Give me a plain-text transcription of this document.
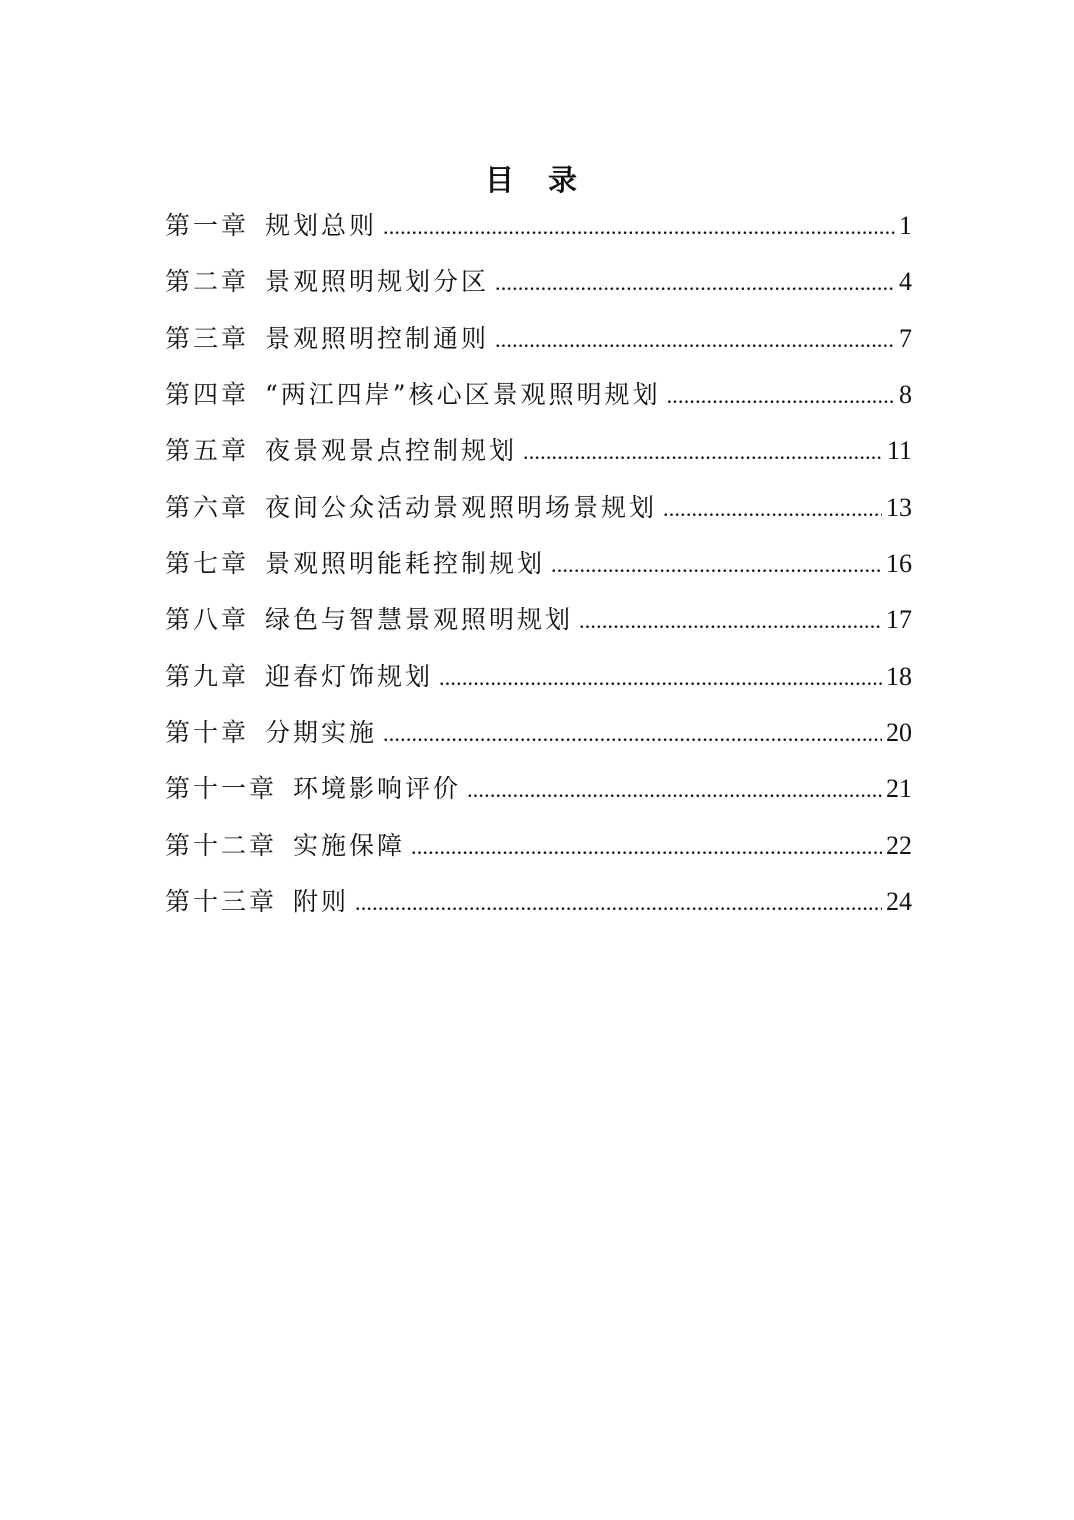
目 录
第一章 规划总则 .....	1
第二章 景观照明规划分区 .....	4
第三章 景观照明控制通则 .....	7
第四章 “两江四岸”核心区景观照明规划 .....	8
第五章 夜景观景点控制规划 .....	11
第六章 夜间公众活动景观照明场景规划 .....	13
第七章 景观照明能耗控制规划 .....	16
第八章 绿色与智慧景观照明规划 .....	17
第九章 迎春灯饰规划 .....	18
第十章 分期实施 .....	20
第十一章 环境影响评价 .....	21
第十二章 实施保障 .....	22
第十三章 附则 .....	24
